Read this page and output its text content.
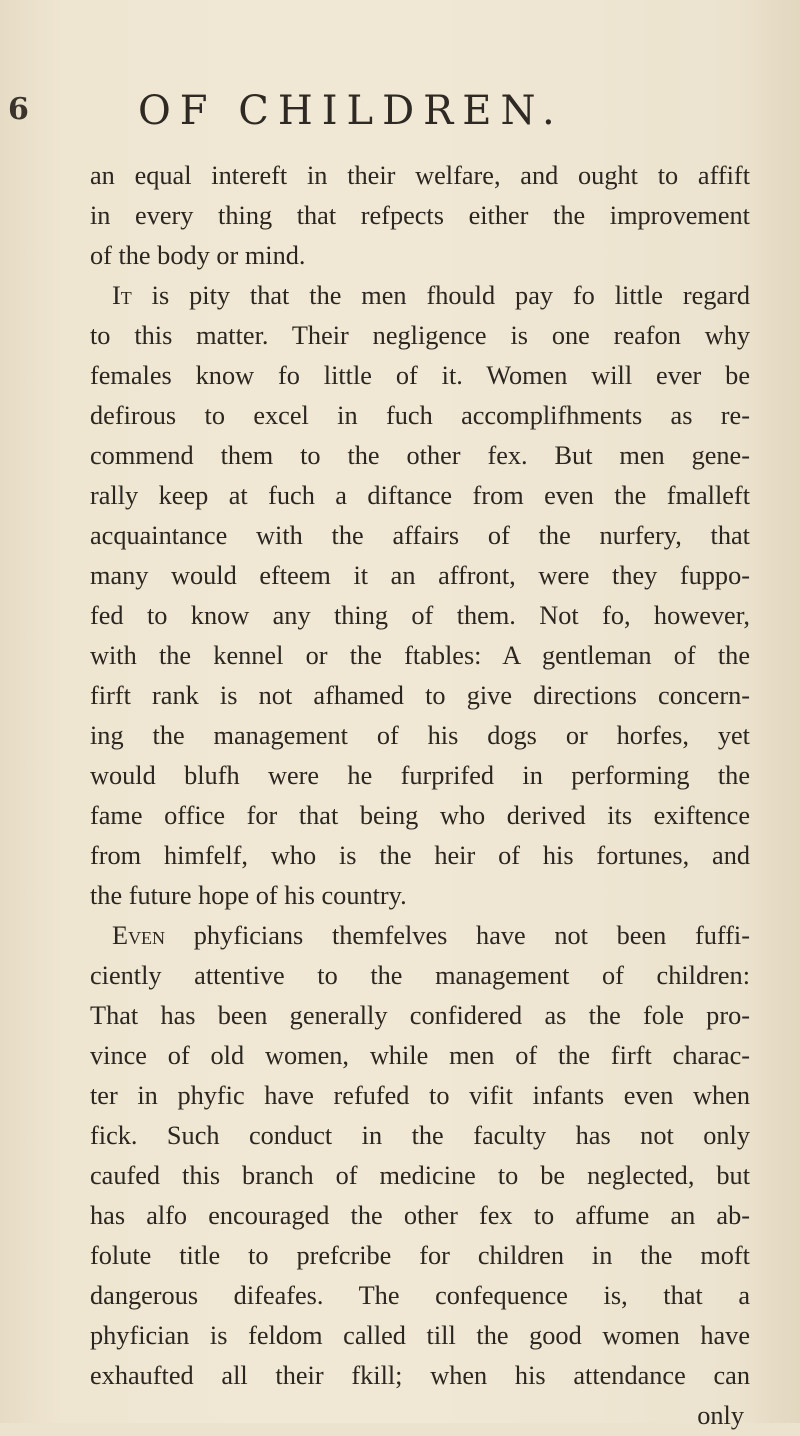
6	OF CHILDREN.
an equal intereft in their welfare, and ought to affift
in every thing that refpects either the improvement
of the body or mind.
It is pity that the men fhould pay fo little regard
to this matter. Their negligence is one reafon why
females know fo little of it. Women will ever be
defirous to excel in fuch accomplifhments as re-
commend them to the other fex. But men gene-
rally keep at fuch a diftance from even the fmalleft
acquaintance with the affairs of the nurfery, that
many would efteem it an affront, were they fuppo-
fed to know any thing of them. Not fo, however,
with the kennel or the ftables: A gentleman of the
firft rank is not afhamed to give directions concern-
ing the management of his dogs or horfes, yet
would blufh were he furprifed in performing the
fame office for that being who derived its exiftence
from himfelf, who is the heir of his fortunes, and
the future hope of his country.
Even phyficians themfelves have not been fuffi-
ciently attentive to the management of children:
That has been generally confidered as the fole pro-
vince of old women, while men of the firft charac-
ter in phyfic have refufed to vifit infants even when
fick. Such conduct in the faculty has not only
caufed this branch of medicine to be neglected, but
has alfo encouraged the other fex to affume an ab-
folute title to prefcribe for children in the moft
dangerous difeafes. The confequence is, that a
phyfician is feldom called till the good women have
exhaufted all their fkill; when his attendance can
only
